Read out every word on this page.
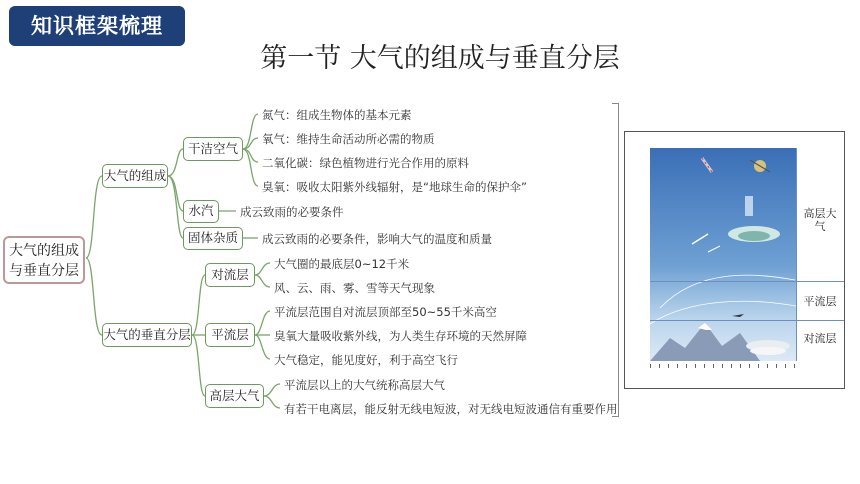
知识框架梳理
第一节 大气的组成与垂直分层
大气的组成与垂直分层
大气的组成
干洁空气
氮气：组成生物体的基本元素
氧气：维持生命活动所必需的物质
二氧化碳：绿色植物进行光合作用的原料
臭氧：吸收太阳紫外线辐射，是“地球生命的保护伞”
水汽	成云致雨的必要条件
固体杂质	成云致雨的必要条件，影响大气的温度和质量
大气的垂直分层
对流层
大气圈的最底层0~12千米
风、云、雨、雾、雪等天气现象
平流层
平流层范围自对流层顶部至50~55千米高空
臭氧大量吸收紫外线，为人类生存环境的天然屏障
大气稳定，能见度好，利于高空飞行
高层大气
平流层以上的大气统称高层大气
有若干电离层，能反射无线电短波，对无线电短波通信有重要作用
高层大气
平流层
对流层
